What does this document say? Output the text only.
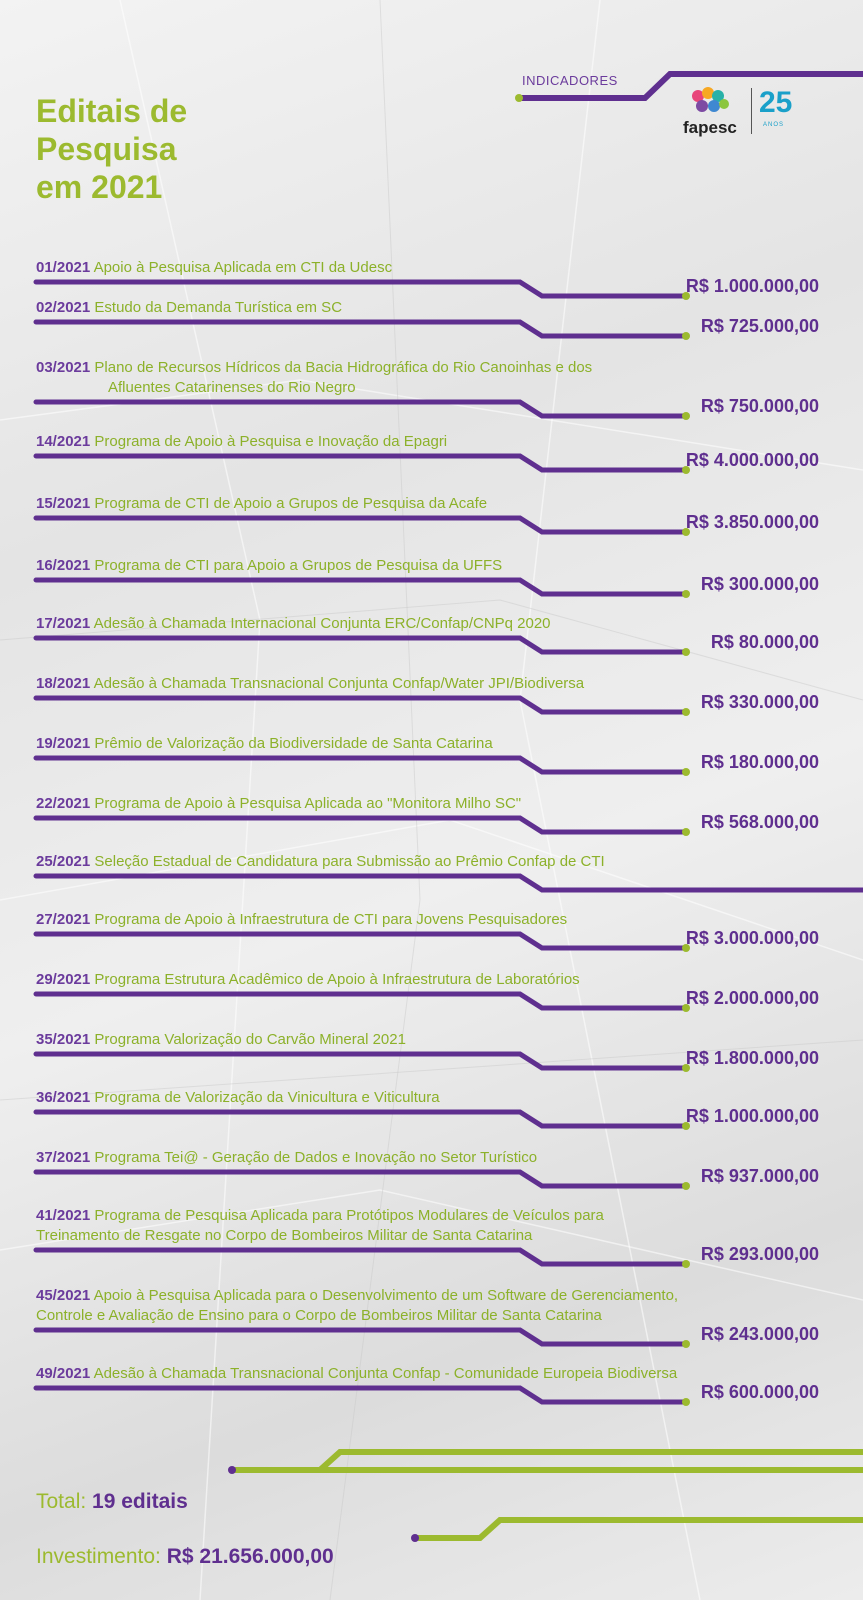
Editais de
Pesquisa
em 2021
INDICADORES
fapesc
25
ANOS
01/2021 Apoio à Pesquisa Aplicada em CTI da Udesc
R$ 1.000.000,00
02/2021 Estudo da Demanda Turística em SC
R$ 725.000,00
03/2021 Plano de Recursos Hídricos da Bacia Hidrográfica do Rio Canoinhas e dos
Afluentes Catarinenses do Rio Negro
R$ 750.000,00
14/2021 Programa de Apoio à Pesquisa e Inovação da Epagri
R$ 4.000.000,00
15/2021 Programa de CTI de Apoio a Grupos de Pesquisa da Acafe
R$ 3.850.000,00
16/2021 Programa de CTI para Apoio a Grupos de Pesquisa da UFFS
R$ 300.000,00
17/2021 Adesão à Chamada Internacional Conjunta ERC/Confap/CNPq 2020
R$ 80.000,00
18/2021 Adesão à Chamada Transnacional Conjunta Confap/Water JPI/Biodiversa
R$ 330.000,00
19/2021 Prêmio de Valorização da Biodiversidade de Santa Catarina
R$ 180.000,00
22/2021 Programa de Apoio à Pesquisa Aplicada ao "Monitora Milho SC"
R$ 568.000,00
25/2021 Seleção Estadual de Candidatura para Submissão ao Prêmio Confap de CTI
27/2021 Programa de Apoio à Infraestrutura de CTI para Jovens Pesquisadores
R$ 3.000.000,00
29/2021 Programa Estrutura Acadêmico de Apoio à Infraestrutura de Laboratórios
R$ 2.000.000,00
35/2021 Programa Valorização do Carvão Mineral 2021
R$ 1.800.000,00
36/2021 Programa de Valorização da Vinicultura e Viticultura
R$ 1.000.000,00
37/2021 Programa Tei@ - Geração de Dados e Inovação no Setor Turístico
R$ 937.000,00
41/2021 Programa de Pesquisa Aplicada para Protótipos Modulares de Veículos para
Treinamento de Resgate no Corpo de Bombeiros Militar de Santa Catarina
R$ 293.000,00
45/2021 Apoio à Pesquisa Aplicada para o Desenvolvimento de um Software de Gerenciamento,
Controle e Avaliação de Ensino para o Corpo de Bombeiros Militar de Santa Catarina
R$ 243.000,00
49/2021 Adesão à Chamada Transnacional Conjunta Confap - Comunidade Europeia Biodiversa
R$ 600.000,00
Total: 19 editais
Investimento: R$ 21.656.000,00
